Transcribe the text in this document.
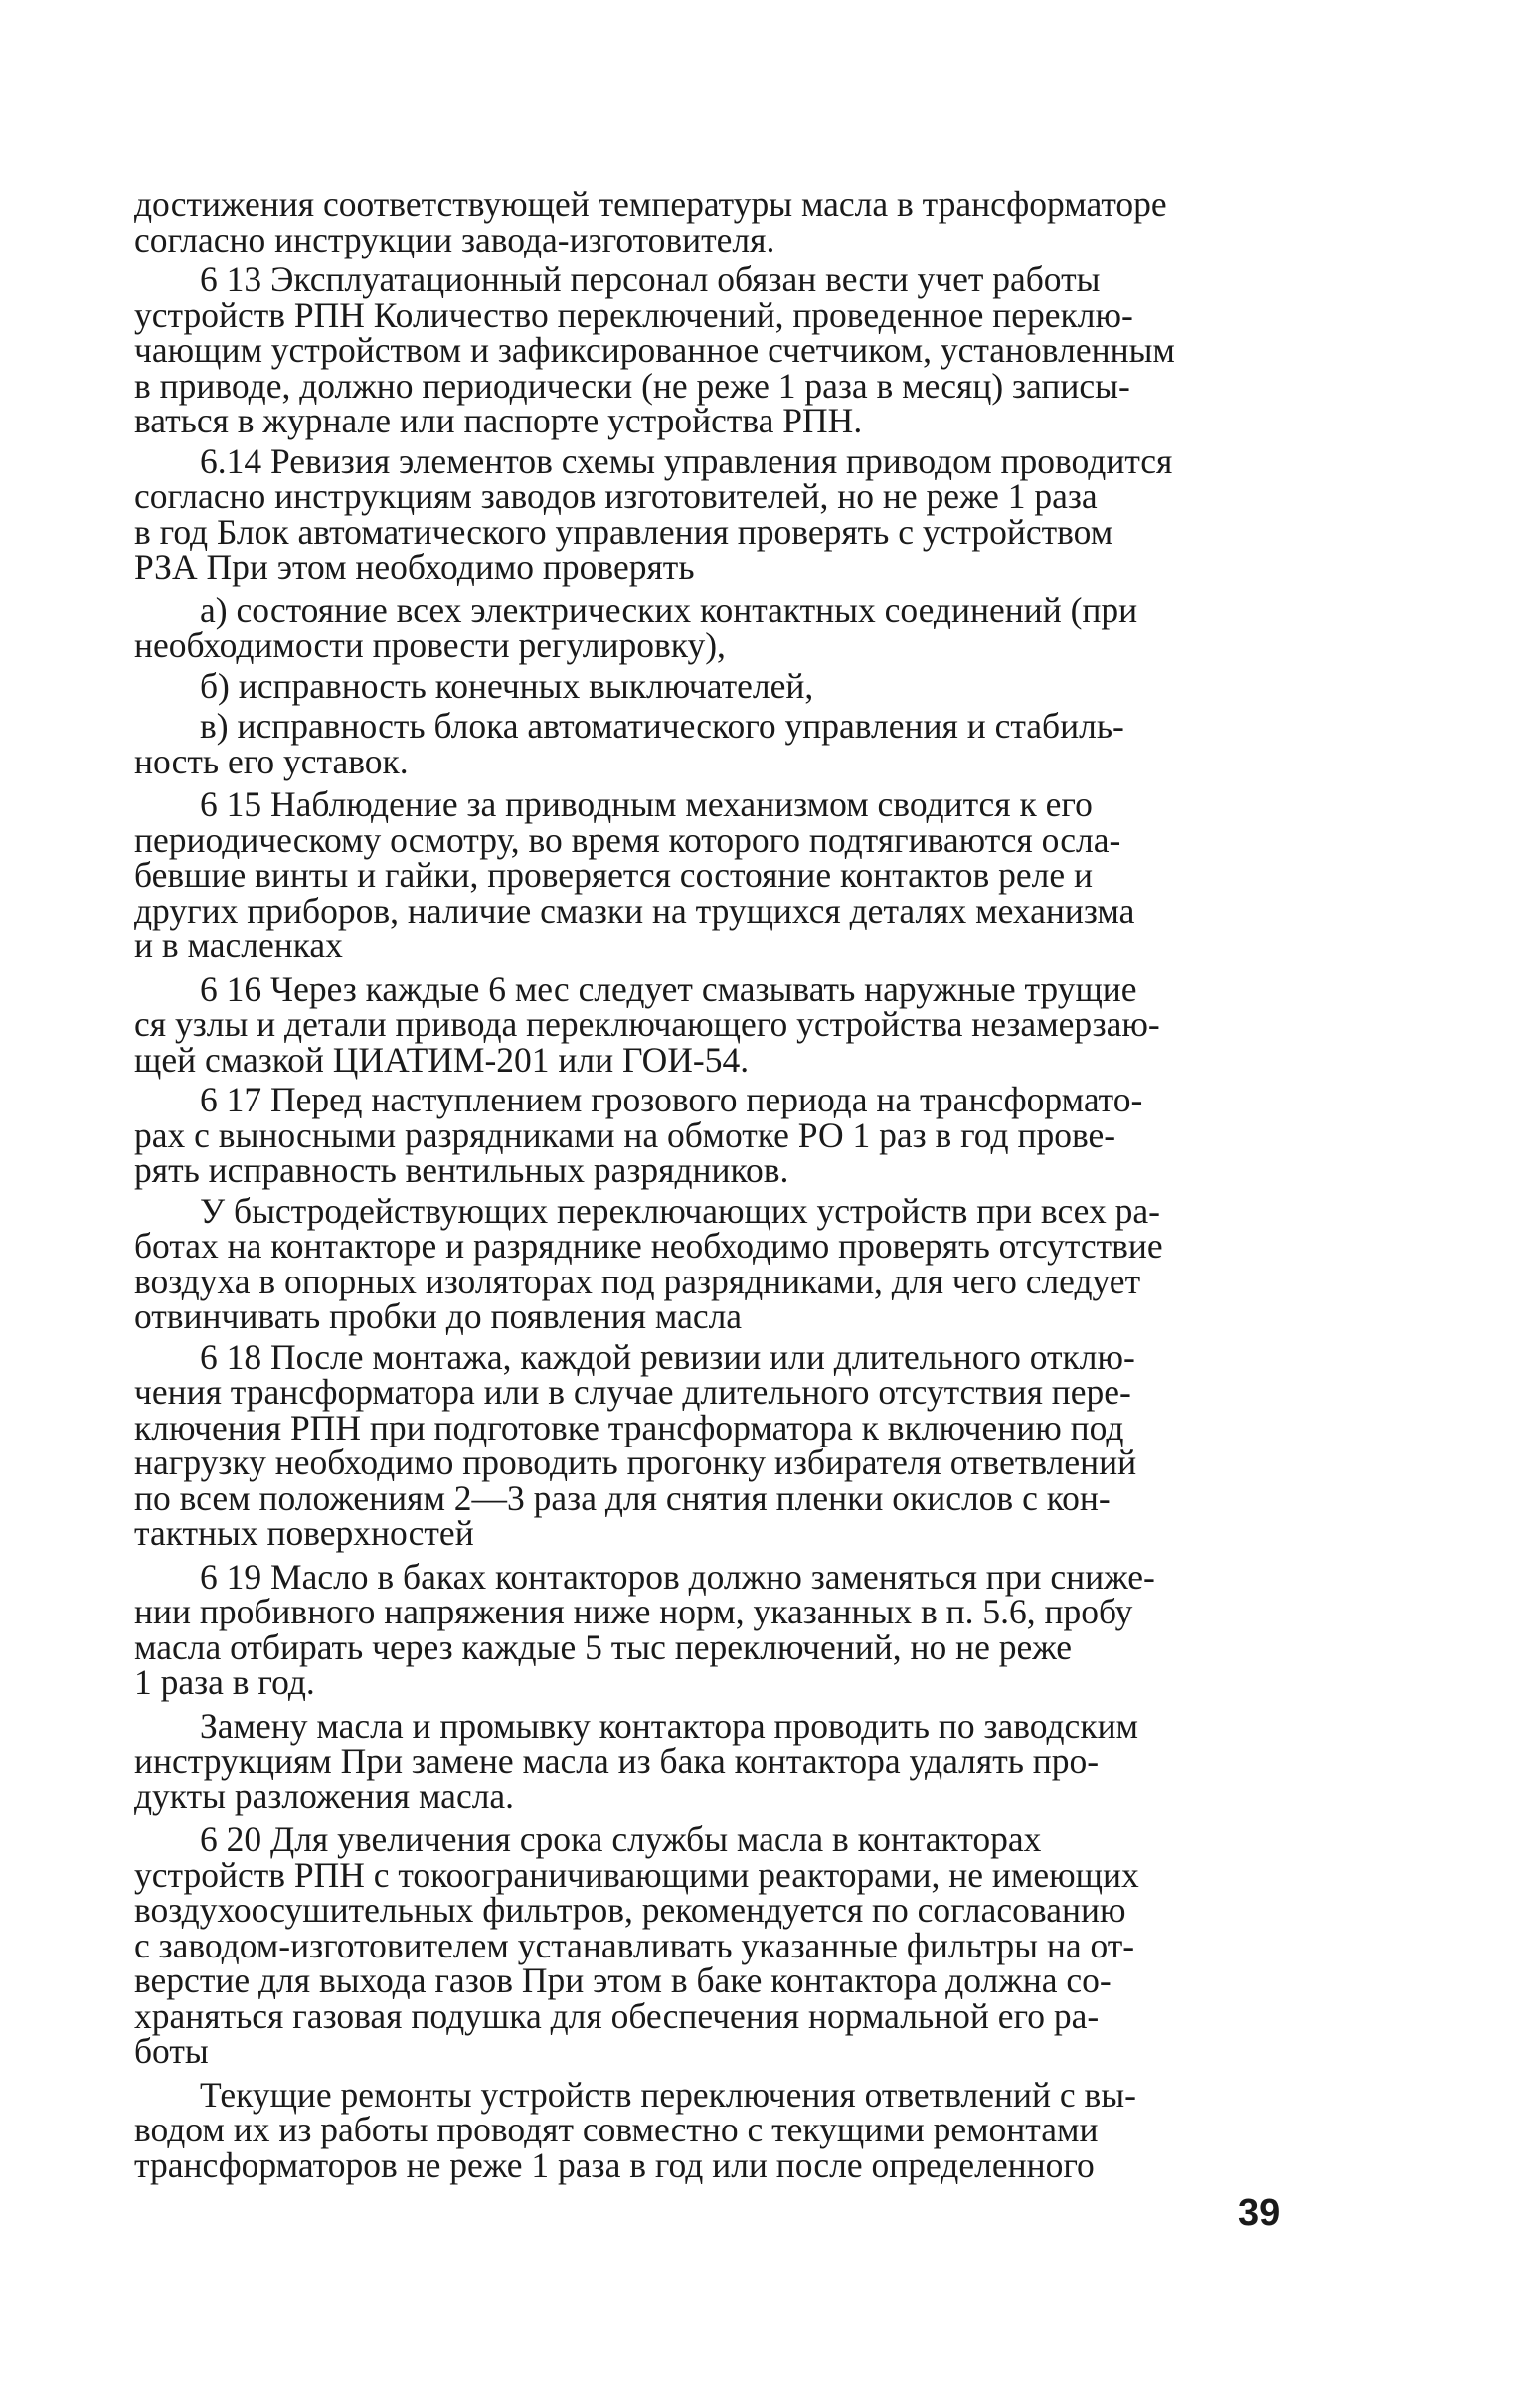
достижения соответствующей температуры масла в трансформаторе
согласно инструкции завода-изготовителя.

6 13 Эксплуатационный персонал обязан вести учет работы
устройств РПН Количество переключений, проведенное переклю-
чающим устройством и зафиксированное счетчиком, установленным
в приводе, должно периодически (не реже 1 раза в месяц) записы-
ваться в журнале или паспорте устройства РПН.

6.14 Ревизия элементов схемы управления приводом проводится
согласно инструкциям заводов изготовителей, но не реже 1 раза
в год Блок автоматического управления проверять с устройством
РЗА При этом необходимо проверять

а) состояние всех электрических контактных соединений (при
необходимости провести регулировку),

б) исправность конечных выключателей,

в) исправность блока автоматического управления и стабиль-
ность его уставок.

6 15 Наблюдение за приводным механизмом сводится к его
периодическому осмотру, во время которого подтягиваются осла-
бевшие винты и гайки, проверяется состояние контактов реле и
других приборов, наличие смазки на трущихся деталях механизма
и в масленках

6 16 Через каждые 6 мес следует смазывать наружные трущие
ся узлы и детали привода переключающего устройства незамерзаю-
щей смазкой ЦИАТИМ-201 или ГОИ-54.

6 17 Перед наступлением грозового периода на трансформато-
рах с выносными разрядниками на обмотке РО 1 раз в год прове-
рять исправность вентильных разрядников.

У быстродействующих переключающих устройств при всех ра-
ботах на контакторе и разряднике необходимо проверять отсутствие
воздуха в опорных изоляторах под разрядниками, для чего следует
отвинчивать пробки до появления масла

6 18 После монтажа, каждой ревизии или длительного отклю-
чения трансформатора или в случае длительного отсутствия пере-
ключения РПН при подготовке трансформатора к включению под
нагрузку необходимо проводить прогонку избирателя ответвлений
по всем положениям 2—3 раза для снятия пленки окислов с кон-
тактных поверхностей

6 19 Масло в баках контакторов должно заменяться при сниже-
нии пробивного напряжения ниже норм, указанных в п. 5.6, пробу
масла отбирать через каждые 5 тыс переключений, но не реже
1 раза в год.

Замену масла и промывку контактора проводить по заводским
инструкциям При замене масла из бака контактора удалять про-
дукты разложения масла.

6 20 Для увеличения срока службы масла в контакторах
устройств РПН с токоограничивающими реакторами, не имеющих
воздухоосушительных фильтров, рекомендуется по согласованию
с заводом-изготовителем устанавливать указанные фильтры на от-
верстие для выхода газов При этом в баке контактора должна со-
храняться газовая подушка для обеспечения нормальной его ра-
боты

Текущие ремонты устройств переключения ответвлений с вы-
водом их из работы проводят совместно с текущими ремонтами
трансформаторов не реже 1 раза в год или после определенного

39
